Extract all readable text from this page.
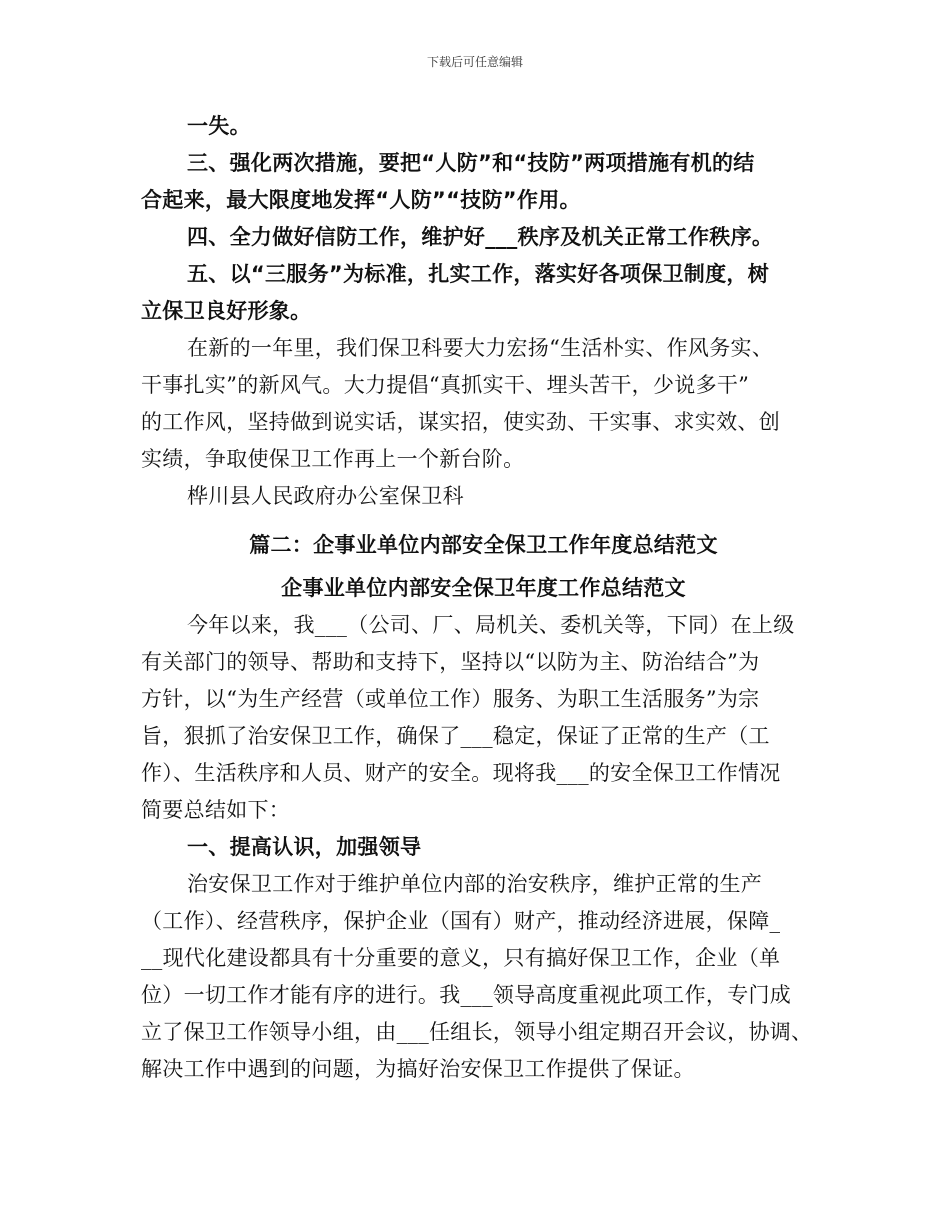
下载后可任意编辑
一失。
三、强化两次措施，要把“人防”和“技防”两项措施有机的结
合起来，最大限度地发挥“人防”“技防”作用。
四、全力做好信防工作，维护好___秩序及机关正常工作秩序。
五、以“三服务”为标准，扎实工作，落实好各项保卫制度，树
立保卫良好形象。
在新的一年里，我们保卫科要大力宏扬“生活朴实、作风务实、
干事扎实”的新风气。大力提倡“真抓实干、埋头苦干，少说多干”
的工作风，坚持做到说实话，谋实招，使实劲、干实事、求实效、创
实绩，争取使保卫工作再上一个新台阶。
桦川县人民政府办公室保卫科
篇二：企事业单位内部安全保卫工作年度总结范文
企事业单位内部安全保卫年度工作总结范文
今年以来，我___（公司、厂、局机关、委机关等，下同）在上级
有关部门的领导、帮助和支持下，坚持以“以防为主、防治结合”为
方针，以“为生产经营（或单位工作）服务、为职工生活服务”为宗
旨，狠抓了治安保卫工作，确保了___稳定，保证了正常的生产（工
作）、生活秩序和人员、财产的安全。现将我___的安全保卫工作情况
简要总结如下：
一、提高认识，加强领导
治安保卫工作对于维护单位内部的治安秩序，维护正常的生产
（工作）、经营秩序，保护企业（国有）财产，推动经济进展，保障_
__现代化建设都具有十分重要的意义，只有搞好保卫工作，企业（单
位）一切工作才能有序的进行。我___领导高度重视此项工作，专门成
立了保卫工作领导小组，由___任组长，领导小组定期召开会议，协调、
解决工作中遇到的问题，为搞好治安保卫工作提供了保证。
